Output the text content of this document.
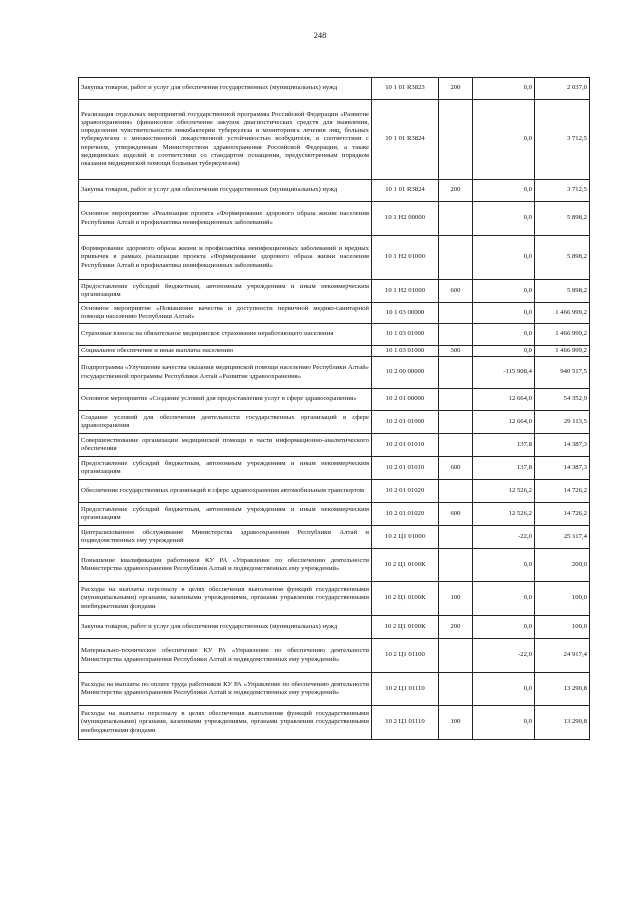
248
Закупка товаров, работ и услуг для обеспечения государственных (муниципальных) нужд	10 1 01 R3823	200	0,0	2 037,0
Реализация отдельных мероприятий государственной программы Российской Федерации «Развитие здравоохранения» (финансовое обеспечение закупок диагностических средств для выявления, определения чувствительности микобактерии туберкулеза и мониторинга лечения лиц, больных туберкулезом с множественной лекарственной устойчивостью возбудителя, в соответствии с перечнем, утвержденным Министерством здравоохранения Российской Федерации, а также медицинских изделий в соответствии со стандартом оснащения, предусмотренным порядком оказания медицинской помощи больным туберкулезом)	10 1 01 R3824		0,0	3 712,5
Закупка товаров, работ и услуг для обеспечения государственных (муниципальных) нужд	10 1 01 R3824	200	0,0	3 712,5
Основное мероприятие «Реализация проекта «Формирование здорового образа жизни населения Республики Алтай и профилактика неинфекционных заболеваний»	10 1 Н2 00000		0,0	5 898,2
Формирование здорового образа жизни и профилактика неинфекционных заболеваний и вредных привычек в рамках реализации проекта «Формирование здорового образа жизни населения Республики Алтай и профилактика неинфекционных заболеваний»	10 1 Н2 01000		0,0	5 898,2
Предоставление субсидий бюджетным, автономным учреждениям и иным некоммерческим организациям	10 1 Н2 01000	600	0,0	5 898,2
Основное мероприятие «Повышение качества и доступности первичной медико-санитарной помощи населению Республики Алтай»	10 1 03 00000		0,0	1 466 999,2
Страховые взносы на обязательное медицинское страхование неработающего населения	10 1 03 01000		0,0	1 466 999,2
Социальное обеспечение и иные выплаты населению	10 1 03 01000	300	0,0	1 466 999,2
Подпрограмма «Улучшение качества оказания медицинской помощи населению Республики Алтай» государственной программы Республики Алтай «Развитие здравоохранения»	10 2 00 00000		-115 908,4	940 517,5
Основное мероприятие «Создание условий для предоставления услуг в сфере здравоохранения»	10 2 01 00000		12 664,0	54 352,9
Создание условий для обеспечения деятельности государственных организаций в сфере здравоохранения	10 2 01 01000		12 664,0	29 113,5
Совершенствование организации медицинской помощи в части информационно-аналитического обеспечения	10 2 01 01010		137,8	14 387,3
Предоставление субсидий бюджетным, автономным учреждениям и иным некоммерческим организациям	10 2 01 01010	600	137,8	14 387,3
Обеспечение государственных организаций в сфере здравоохранения автомобильным транспортом	10 2 01 01020		12 526,2	14 726,2
Предоставление субсидий бюджетным, автономным учреждениям и иным некоммерческим организациям	10 2 01 01020	600	12 526,2	14 726,2
Централизованное обслуживание Министерства здравоохранения Республики Алтай и подведомственных ему учреждений	10 2 Ц1 01000		-22,0	25 117,4
Повышение квалификации работников КУ РА «Управление по обеспечению деятельности Министерства здравоохранения Республики Алтай и подведомственных ему учреждений»	10 2 Ц1 0100К		0,0	200,0
Расходы на выплаты персоналу в целях обеспечения выполнения функций государственными (муниципальными) органами, казенными учреждениями, органами управления государственными внебюджетными фондами	10 2 Ц1 0100К	100	0,0	100,0
Закупка товаров, работ и услуг для обеспечения государственных (муниципальных) нужд	10 2 Ц1 0100К	200	0,0	100,0
Материально-техническое обеспечение КУ РА «Управление по обеспечению деятельности Министерства здравоохранения Республики Алтай и подведомственных ему учреждений»	10 2 Ц1 01100		-22,0	24 917,4
Расходы на выплаты по оплате труда работников КУ РА «Управление по обеспечению деятельности Министерства здравоохранения Республики Алтай и подведомственных ему учреждений»	10 2 Ц1 01110		0,0	13 290,8
Расходы на выплаты персоналу в целях обеспечения выполнения функций государственными (муниципальными) органами, казенными учреждениями, органами управления государственными внебюджетными фондами	10 2 Ц1 01110	100	0,0	13 290,8
